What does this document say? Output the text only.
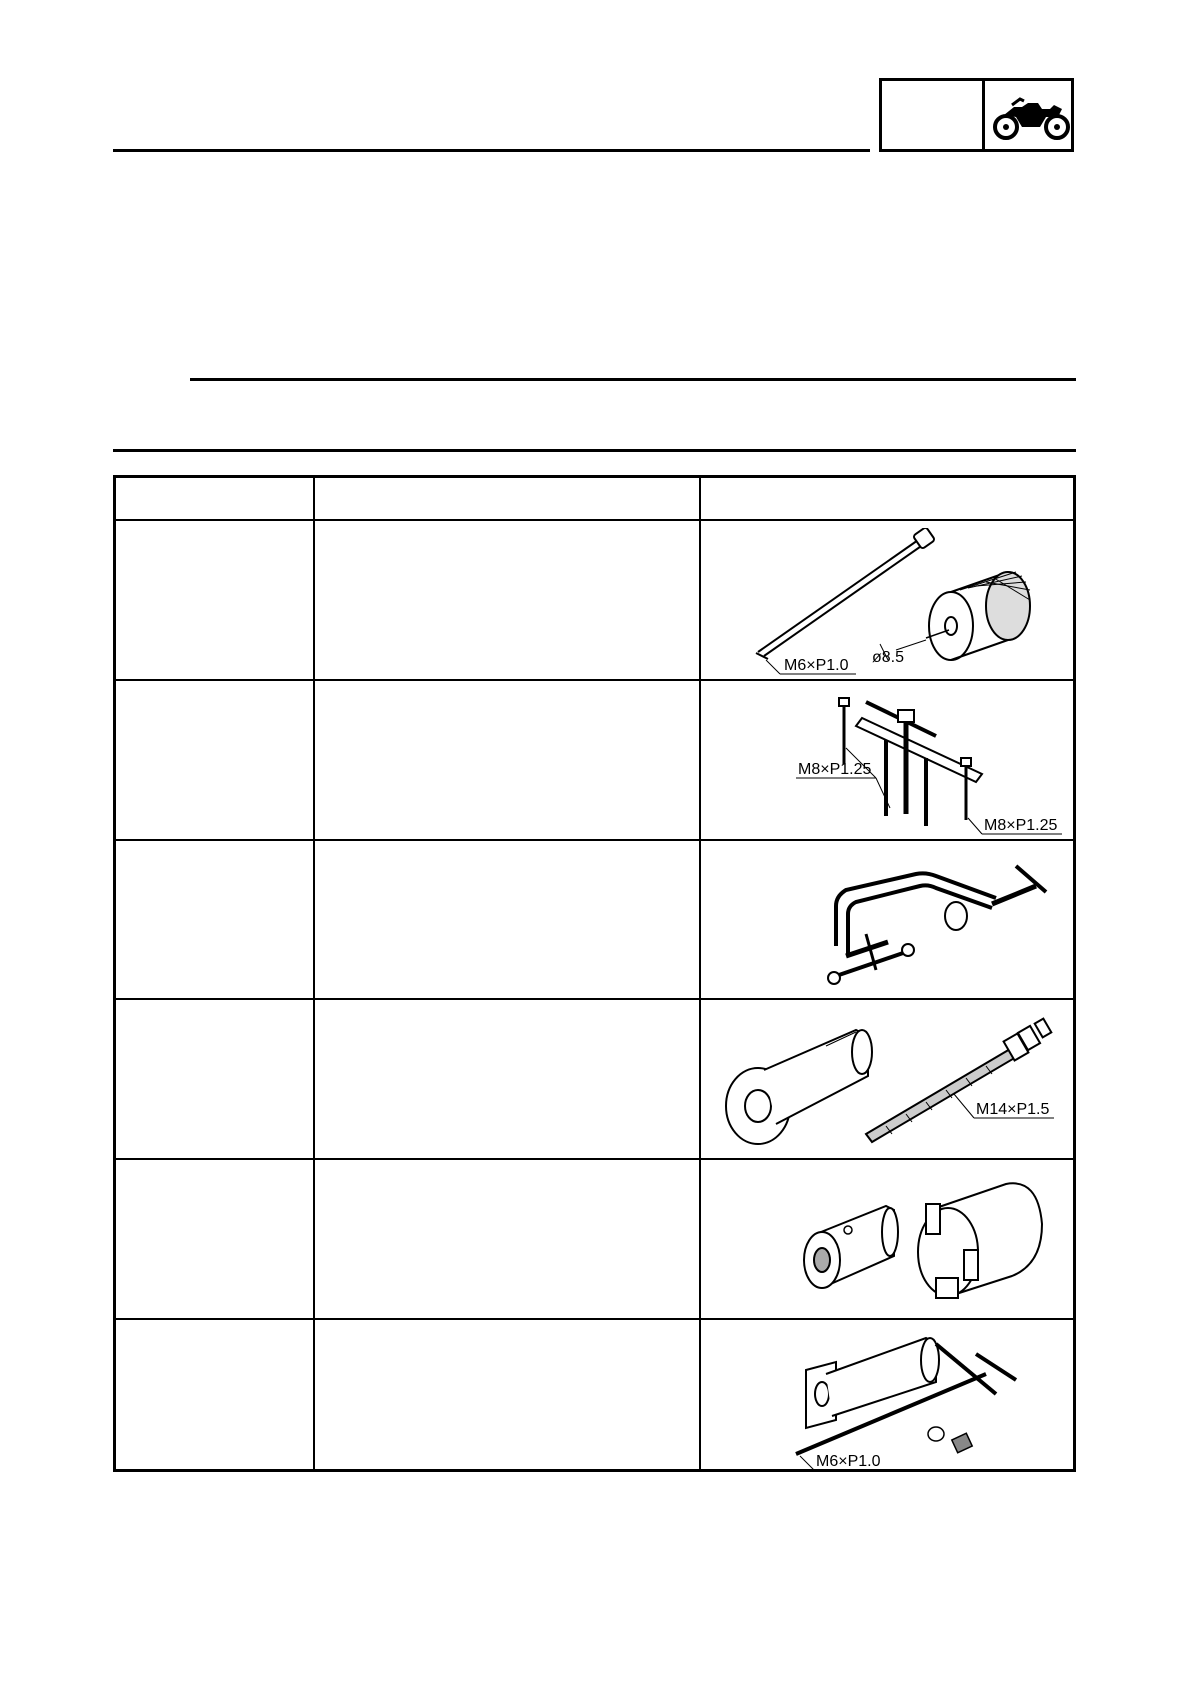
M6×P1.0 ø8.5
M8×P1.25
M8×P1.25
M14×P1.5
M6×P1.0
